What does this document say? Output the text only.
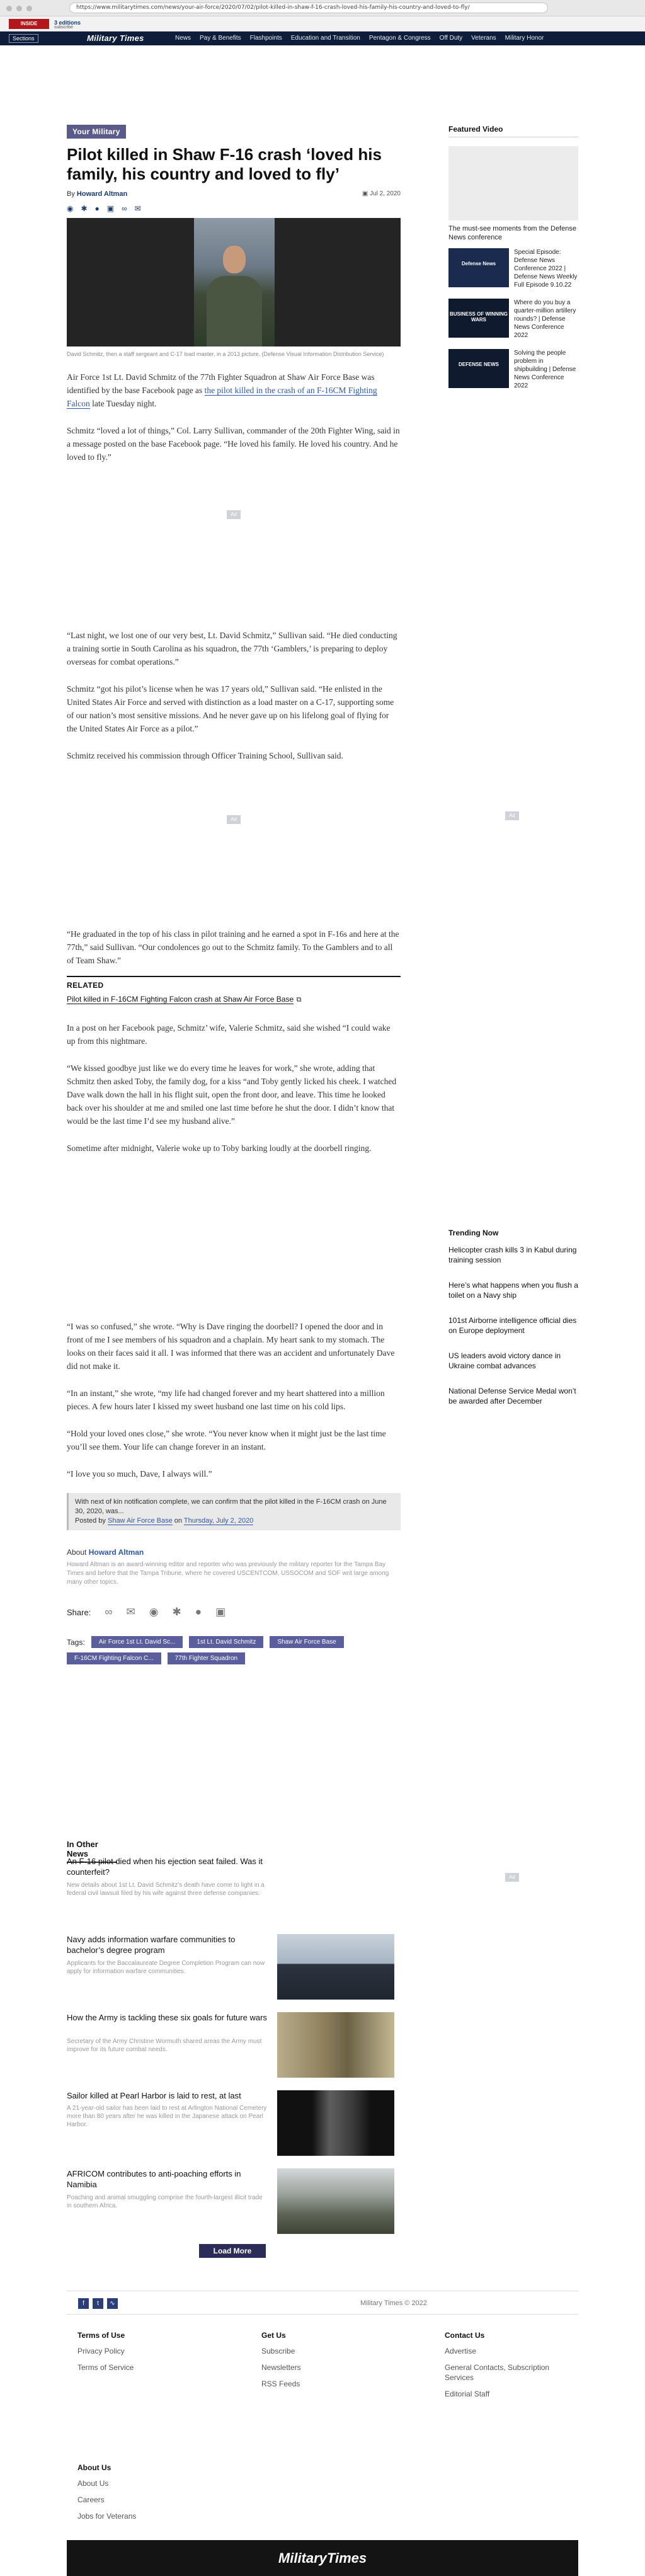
https://www.militarytimes.com/news/your-air-force/2020/07/02/pilot-killed-in-shaw-f-16-crash-loved-his-family-his-country-and-loved-to-fly/
INSIDE	3 editions
subscribe
Sections	Military Times	News Pay & Benefits Flashpoints Education and Transition Pentagon & Congress Off Duty Veterans Military Honor
Your Military
Pilot killed in Shaw F-16 crash ‘loved his family, his country and loved to fly’
By Howard Altman	▣ Jul 2, 2020
◉ ✱ ● ▣ ∞ ✉

David Schmitz, then a staff sergeant and C-17 load master, in a 2013 picture. (Defense Visual Information Distribution Service)

Air Force 1st Lt. David Schmitz of the 77th Fighter Squadron at Shaw Air Force Base was identified by the base Facebook page as the pilot killed in the crash of an F-16CM Fighting Falcon late Tuesday night.

Schmitz “loved a lot of things,” Col. Larry Sullivan, commander of the 20th Fighter Wing, said in a message posted on the base Facebook page. “He loved his family. He loved his country. And he loved to fly.”

Ad

“Last night, we lost one of our very best, Lt. David Schmitz,” Sullivan said. “He died conducting a training sortie in South Carolina as his squadron, the 77th ‘Gamblers,’ is preparing to deploy overseas for combat operations.”

Schmitz “got his pilot’s license when he was 17 years old,” Sullivan said. “He enlisted in the United States Air Force and served with distinction as a load master on a C-17, supporting some of our nation’s most sensitive missions. And he never gave up on his lifelong goal of flying for the United States Air Force as a pilot.”

Schmitz received his commission through Officer Training School, Sullivan said.

Ad

“He graduated in the top of his class in pilot training and he earned a spot in F-16s and here at the 77th,” said Sullivan. “Our condolences go out to the Schmitz family. To the Gamblers and to all of Team Shaw.”

RELATED
Pilot killed in F-16CM Fighting Falcon crash at Shaw Air Force Base ⧉

In a post on her Facebook page, Schmitz’ wife, Valerie Schmitz, said she wished “I could wake up from this nightmare.

“We kissed goodbye just like we do every time he leaves for work,” she wrote, adding that Schmitz then asked Toby, the family dog, for a kiss “and Toby gently licked his cheek. I watched Dave walk down the hall in his flight suit, open the front door, and leave. This time he looked back over his shoulder at me and smiled one last time before he shut the door. I didn’t know that would be the last time I’d see my husband alive.”

Sometime after midnight, Valerie woke up to Toby barking loudly at the doorbell ringing.

“I was so confused,” she wrote. “Why is Dave ringing the doorbell? I opened the door and in front of me I see members of his squadron and a chaplain. My heart sank to my stomach. The looks on their faces said it all. I was informed that there was an accident and unfortunately Dave did not make it.

“In an instant,” she wrote, “my life had changed forever and my heart shattered into a million pieces. A few hours later I kissed my sweet husband one last time on his cold lips.

“Hold your loved ones close,” she wrote. “You never know when it might just be the last time you’ll see them. Your life can change forever in an instant.

“I love you so much, Dave, I always will.”

With next of kin notification complete, we can confirm that the pilot killed in the F-16CM crash on June 30, 2020, was...
Posted by Shaw Air Force Base on Thursday, July 2, 2020
About Howard Altman

Howard Altman is an award-winning editor and reporter who was previously the military reporter for the Tampa Bay Times and before that the Tampa Tribune, where he covered USCENTCOM, USSOCOM and SOF writ large among many other topics.

Share: ∞ ✉ ◉ ✱ ● ▣
Tags:	Air Force 1st Lt. David Sc...	1st Lt. David Schmitz	Shaw Air Force Base
F-16CM Fighting Falcon C...	77th Fighter Squadron
In Other News
An F-16 pilot died when his ejection seat failed. Was it counterfeit?
New details about 1st Lt. David Schmitz’s death have come to light in a federal civil lawsuit filed by his wife against three defense companies.
Navy adds information warfare communities to bachelor’s degree program
Applicants for the Baccalaureate Degree Completion Program can now apply for information warfare communities.
How the Army is tackling these six goals for future wars
Secretary of the Army Christine Wormuth shared areas the Army must improve for its future combat needs.
Sailor killed at Pearl Harbor is laid to rest, at last
A 21-year-old sailor has been laid to rest at Arlington National Cemetery more than 80 years after he was killed in the Japanese attack on Pearl Harbor.
AFRICOM contributes to anti-poaching efforts in Namibia
Poaching and animal smuggling comprise the fourth-largest illicit trade in southern Africa.
Load More
Featured Video
The must-see moments from the Defense News conference
Defense News
Special Episode: Defense News Conference 2022 | Defense News Weekly Full Episode 9.10.22
BUSINESS OF WINNING WARS
Where do you buy a quarter-million artillery rounds? | Defense News Conference 2022
DEFENSE NEWS
Solving the people problem in shipbuilding | Defense News Conference 2022
Ad
Trending Now
Helicopter crash kills 3 in Kabul during training session
Here’s what happens when you flush a toilet on a Navy ship
101st Airborne intelligence official dies on Europe deployment
US leaders avoid victory dance in Ukraine combat advances
National Defense Service Medal won’t be awarded after December
Ad
f	t	∿	Military Times © 2022
Terms of Use
Privacy Policy
Terms of Service
Get Us
Subscribe
Newsletters
RSS Feeds
Contact Us
Advertise
General Contacts, Subscription Services
Editorial Staff
About Us
About Us
Careers
Jobs for Veterans
MilitaryTimes
